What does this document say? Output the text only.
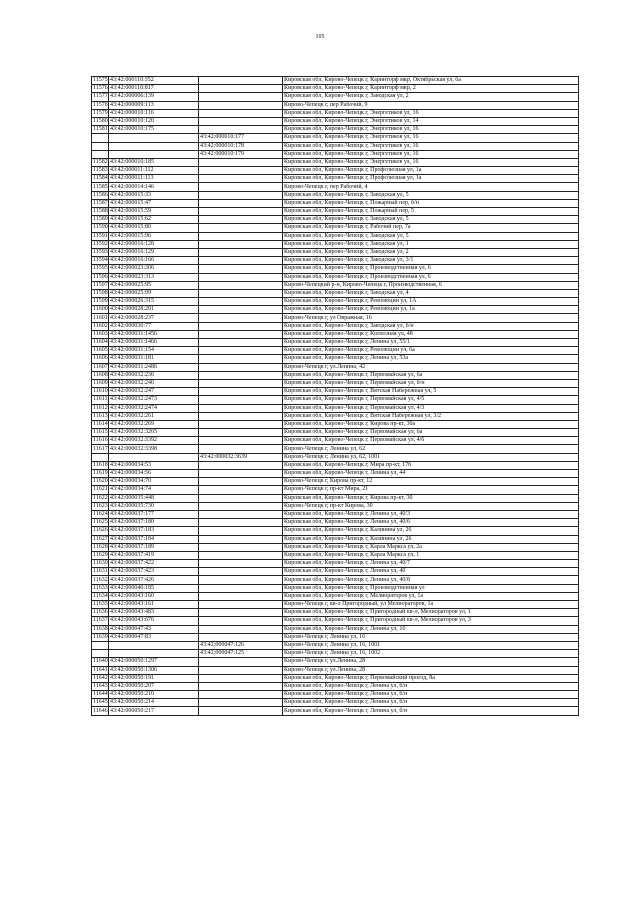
105
11575	43:42:000110:352		Кировская обл, Кирово-Чепецк г, Каринторф мкр, Октябрьская ул, 6а
11576	43:42:000110:817		Кировская обл, Кирово-Чепецк г, Каринторф мкр, 2
11577	43:42:000006:139		Кировская обл, Кирово-Чепецк г, Заводская ул, 2
11578	43:42:000009:113		Кирово-Чепецк г, пер Рабочий, 9
11579	43:42:000010:116		Кировская обл, Кирово-Чепецк г, Энергетиков ул, 16
11580	43:42:000010:120		Кировская обл, Кирово-Чепецк г, Энергетиков ул, 14
11581	43:42:000010:175		Кировская обл, Кирово-Чепецк г, Энергетиков ул, 16
		43:42:000010:177	Кировская обл, Кирово-Чепецк г, Энергетиков ул, 16
		43:42:000010:178	Кировская обл, Кирово-Чепецк г, Энергетиков ул, 16
		43:42:000010:179	Кировская обл, Кирово-Чепецк г, Энергетиков ул, 16
11582	43:42:000010:185		Кировская обл, Кирово-Чепецк г, Энергетиков ул, 16
11583	43:42:000011:112		Кировская обл, Кирово-Чепецк г, Профсоюзная ул, 1а
11584	43:42:000011:113		Кировская обл, Кирово-Чепецк г, Профсоюзная ул, 1а
11585	43:42:000014:146		Кирово-Чепецк г, пер Рабочий, 4
11586	43:42:000015:33		Кировская обл, Кирово-Чепецк г, Заводская ул, 5
11587	43:42:000015:47		Кировская обл, Кирово-Чепецк г, Пожарный пер, б/н
11588	43:42:000015:59		Кировская обл, Кирово-Чепецк г, Пожарный пер, 5
11589	43:42:000015:62		Кировская обл, Кирово-Чепецк г, Заводская ул, 5
11590	43:42:000015:80		Кировская обл, Кирово-Чепецк г, Рабочий пер, 7а
11591	43:42:000015:96		Кировская обл, Кирово-Чепецк г, Заводская ул, 5
11592	43:42:000016:128		Кировская обл, Кирово-Чепецк г, Заводская ул, 1
11593	43:42:000016:129		Кировская обл, Кирово-Чепецк г, Заводская ул, 2
11594	43:42:000016:166		Кировская обл, Кирово-Чепецк г, Заводская ул, 3/1
11595	43:42:000023:306		Кировская обл, Кирово-Чепецк г, Производственная ул, 6
11596	43:42:000023:313		Кировская обл, Кирово-Чепецк г, Производственная ул, 6
11597	43:42:000025:95		Кирово-Чепецкий р-н, Кирово-Чепецк г, Производственная, 6
11598	43:42:000025:99		Кировская обл, Кирово-Чепецк г, Заводская ул, 4
11599	43:42:000026:315		Кировская обл, Кирово-Чепецк г, Революции ул, 1А
11600	43:42:000028:201		Кировская обл, Кирово-Чепецк г, Революции ул, 1а
11601	43:42:000028:237		Кирово-Чепецк г, ул Овражная, 16
11602	43:42:000030:77		Кировская обл, Кирово-Чепецк г, Заводская ул, б/н
11603	43:42:000031:1456		Кировская обл, Кирово-Чепецк г, Колхозная ул, 48
11604	43:42:000031:1466		Кировская обл, Кирово-Чепецк г, Ленина ул, 55/1
11605	43:42:000031:154		Кировская обл, Кирово-Чепецк г, Революции ул, 6а
11606	43:42:000031:181		Кировская обл, Кирово-Чепецк г, Ленина ул, 53а
11607	43:42:000031:2486		Кирово-Чепецк г, ул.Ленина, 42
11608	43:42:000032:236		Кировская обл, Кирово-Чепецк г, Первомайская ул, 6а
11609	43:42:000032:240		Кировская обл, Кирово-Чепецк г, Первомайская ул, б/н
11610	43:42:000032:247		Кировская обл, Кирово-Чепецк г, Вятская Набережная ул, 5
11611	43:42:000032:2473		Кировская обл, Кирово-Чепецк г, Первомайская ул, 4/5
11612	43:42:000032:2474		Кировская обл, Кирово-Чепецк г, Первомайская ул, 4/3
11613	43:42:000032:261		Кировская обл, Кирово-Чепецк г, Вятская Набережная ул, 3/2
11614	43:42:000032:269		Кировская обл, Кирово-Чепецк г, Кирова пр-кт, 30а
11615	43:42:000032:3265		Кировская обл, Кирово-Чепецк г, Первомайская ул, 6а
11616	43:42:000032:3392		Кировская обл, Кирово-Чепецк г, Первомайская ул, 4/6
11617	43:42:000032:3398		Кирово-Чепецк г, Ленина ул, 62
		43:42:000032:3639	Кирово-Чепецк г, Ленина ул, 62, 1001
11618	43:42:000034:53		Кировская обл, Кирово-Чепецк г, Мира пр-кт, 17б
11619	43:42:000034:56		Кировская обл, Кирово-Чепецк г, Ленина ул, 44
11620	43:42:000034:70		Кирово-Чепецк г, Кирова пр-кт, 12
11621	43:42:000034:74		Кирово-Чепецк г, пр-кт Мира, 21
11622	43:42:000035:448		Кировская обл, Кирово-Чепецк г, Кирова пр-кт, 30
11623	43:42:000035:730		Кирово-Чепецк г, пр-кт Кирова, 30
11624	43:42:000037:177		Кировская обл, Кирово-Чепецк г, Ленина ул, 40/3
11625	43:42:000037:180		Кировская обл, Кирово-Чепецк г, Ленина ул, 40/6
11626	43:42:000037:183		Кировская обл, Кирово-Чепецк г, Калинина ул, 26
11627	43:42:000037:184		Кировская обл, Кирово-Чепецк г, Калинина ул, 26
11628	43:42:000037:189		Кировская обл, Кирово-Чепецк г, Карла Маркса ул, 2а
11629	43:42:000037:419		Кировская обл, Кирово-Чепецк г, Карла Маркса ул, 1
11630	43:42:000037:422		Кировская обл, Кирово-Чепецк г, Ленина ул, 40/7
11631	43:42:000037:423		Кировская обл, Кирово-Чепецк г, Ленина ул, 40
11632	43:42:000037:426		Кировская обл, Кирово-Чепецк г, Ленина ул, 40/8
11633	43:42:000040:185		Кировская обл, Кирово-Чепецк г, Производственная ул
11634	43:42:000043:160		Кировская обл, Кирово-Чепецк г, Мелиораторов ул, 1а
11635	43:42:000043:161		Кирово-Чепецк г, кв-л Пригородный, ул Мелиораторов, 1а
11636	43:42:000043:483		Кировская обл, Кирово-Чепецк г, Пригородный кв-л, Мелиораторов ул, 1
11637	43:42:000043:676		Кировская обл, Кирово-Чепецк г, Пригородный кв-л, Мелиораторов ул, 3
11638	43:42:000047:43		Кировская обл, Кирово-Чепецк г, Ленина ул, 16
11639	43:42:000047:83		Кирово-Чепецк г, Ленина ул, 16
		43:42:000047:126	Кирово-Чепецк г, Ленина ул, 16, 1001
		43:42:000047:125	Кирово-Чепецк г, Ленина ул, 16, 1002
11640	43:42:000050:1297		Кирово-Чепецк г, ул.Ленина, 28
11641	43:42:000050:1306		Кирово-Чепецк г, ул.Ленина, 28
11642	43:42:000050:191		Кировская обл, Кирово-Чепецк г, Первомайский проезд, 8а
11643	43:42:000050:207		Кировская обл, Кирово-Чепецк г, Ленина ул, б/н
11644	43:42:000050:210		Кировская обл, Кирово-Чепецк г, Ленина ул, б/н
11645	43:42:000050:214		Кировская обл, Кирово-Чепецк г, Ленина ул, б/н
11646	43:42:000050:217		Кировская обл, Кирово-Чепецк г, Ленина ул, б/н
